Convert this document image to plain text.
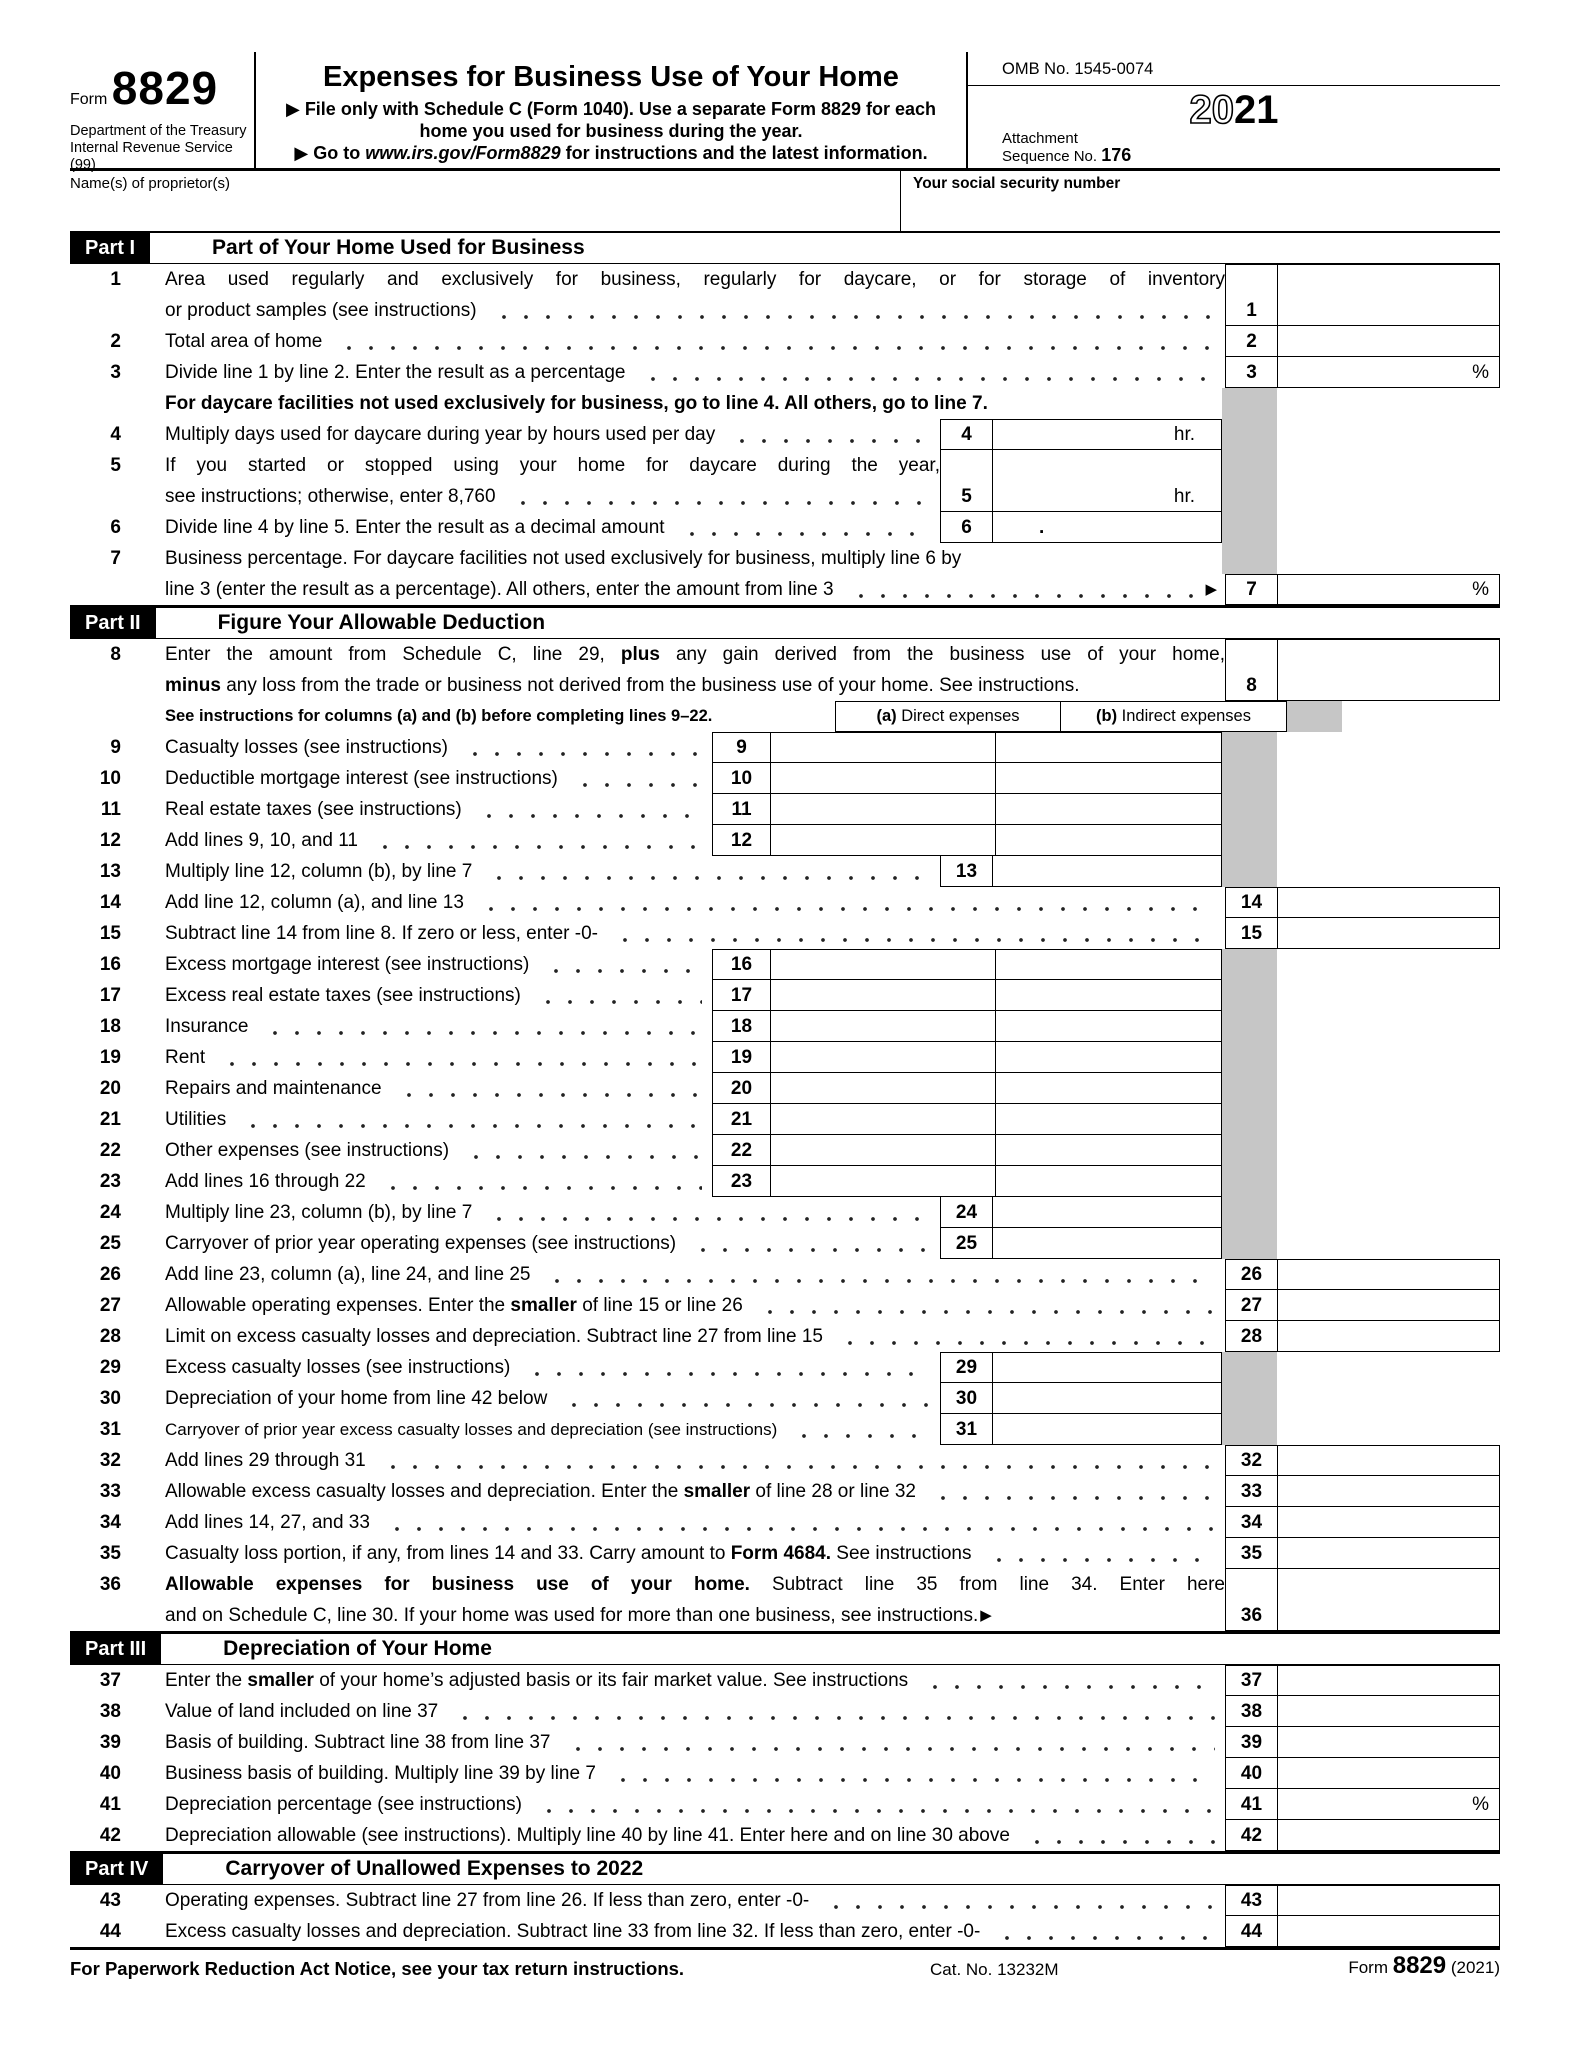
Form 8829
Department of the Treasury
Internal Revenue Service (99)
Expenses for Business Use of Your Home
▶ File only with Schedule C (Form 1040). Use a separate Form 8829 for each
home you used for business during the year.
▶ Go to www.irs.gov/Form8829 for instructions and the latest information.
OMB No. 1545-0074
2021
Attachment
Sequence No. 176
Name(s) of proprietor(s)	Your social security number
Part I	Part of Your Home Used for Business
1	Area used regularly and exclusively for business, regularly for daycare, or for storage of inventory
or product samples (see instructions)	1
2	Total area of home	2
3	Divide line 1 by line 2. Enter the result as a percentage	3	%
For daycare facilities not used exclusively for business, go to line 4. All others, go to line 7.
4	Multiply days used for daycare during year by hours used per day	4	hr.
5	If you started or stopped using your home for daycare during the year,
see instructions; otherwise, enter 8,760	5	hr.
6	Divide line 4 by line 5. Enter the result as a decimal amount	6	.
7	Business percentage. For daycare facilities not used exclusively for business, multiply line 6 by
line 3 (enter the result as a percentage). All others, enter the amount from line 3	▶	7	%
Part II	Figure Your Allowable Deduction
8	Enter the amount from Schedule C, line 29, plus any gain derived from the business use of your home,
minus any loss from the trade or business not derived from the business use of your home. See instructions.	8
See instructions for columns (a) and (b) before completing lines 9–22.	(a) Direct expenses	(b) Indirect expenses
9	Casualty losses (see instructions)	9
10	Deductible mortgage interest (see instructions)	10
11	Real estate taxes (see instructions)	11
12	Add lines 9, 10, and 11	12
13	Multiply line 12, column (b), by line 7	13
14	Add line 12, column (a), and line 13	14
15	Subtract line 14 from line 8. If zero or less, enter -0-	15
16	Excess mortgage interest (see instructions)	16
17	Excess real estate taxes (see instructions)	17
18	Insurance	18
19	Rent	19
20	Repairs and maintenance	20
21	Utilities	21
22	Other expenses (see instructions)	22
23	Add lines 16 through 22	23
24	Multiply line 23, column (b), by line 7	24
25	Carryover of prior year operating expenses (see instructions)	25
26	Add line 23, column (a), line 24, and line 25	26
27	Allowable operating expenses. Enter the smaller of line 15 or line 26	27
28	Limit on excess casualty losses and depreciation. Subtract line 27 from line 15	28
29	Excess casualty losses (see instructions)	29
30	Depreciation of your home from line 42 below	30
31	Carryover of prior year excess casualty losses and depreciation (see instructions)	31
32	Add lines 29 through 31	32
33	Allowable excess casualty losses and depreciation. Enter the smaller of line 28 or line 32	33
34	Add lines 14, 27, and 33	34
35	Casualty loss portion, if any, from lines 14 and 33. Carry amount to Form 4684. See instructions	35
36	Allowable expenses for business use of your home. Subtract line 35 from line 34. Enter here
and on Schedule C, line 30. If your home was used for more than one business, see instructions. ▶	36
Part III	Depreciation of Your Home
37	Enter the smaller of your home’s adjusted basis or its fair market value. See instructions	37
38	Value of land included on line 37	38
39	Basis of building. Subtract line 38 from line 37	39
40	Business basis of building. Multiply line 39 by line 7	40
41	Depreciation percentage (see instructions)	41	%
42	Depreciation allowable (see instructions). Multiply line 40 by line 41. Enter here and on line 30 above	42
Part IV	Carryover of Unallowed Expenses to 2022
43	Operating expenses. Subtract line 27 from line 26. If less than zero, enter -0-	43
44	Excess casualty losses and depreciation. Subtract line 33 from line 32. If less than zero, enter -0-	44
For Paperwork Reduction Act Notice, see your tax return instructions.	Cat. No. 13232M	Form 8829 (2021)
